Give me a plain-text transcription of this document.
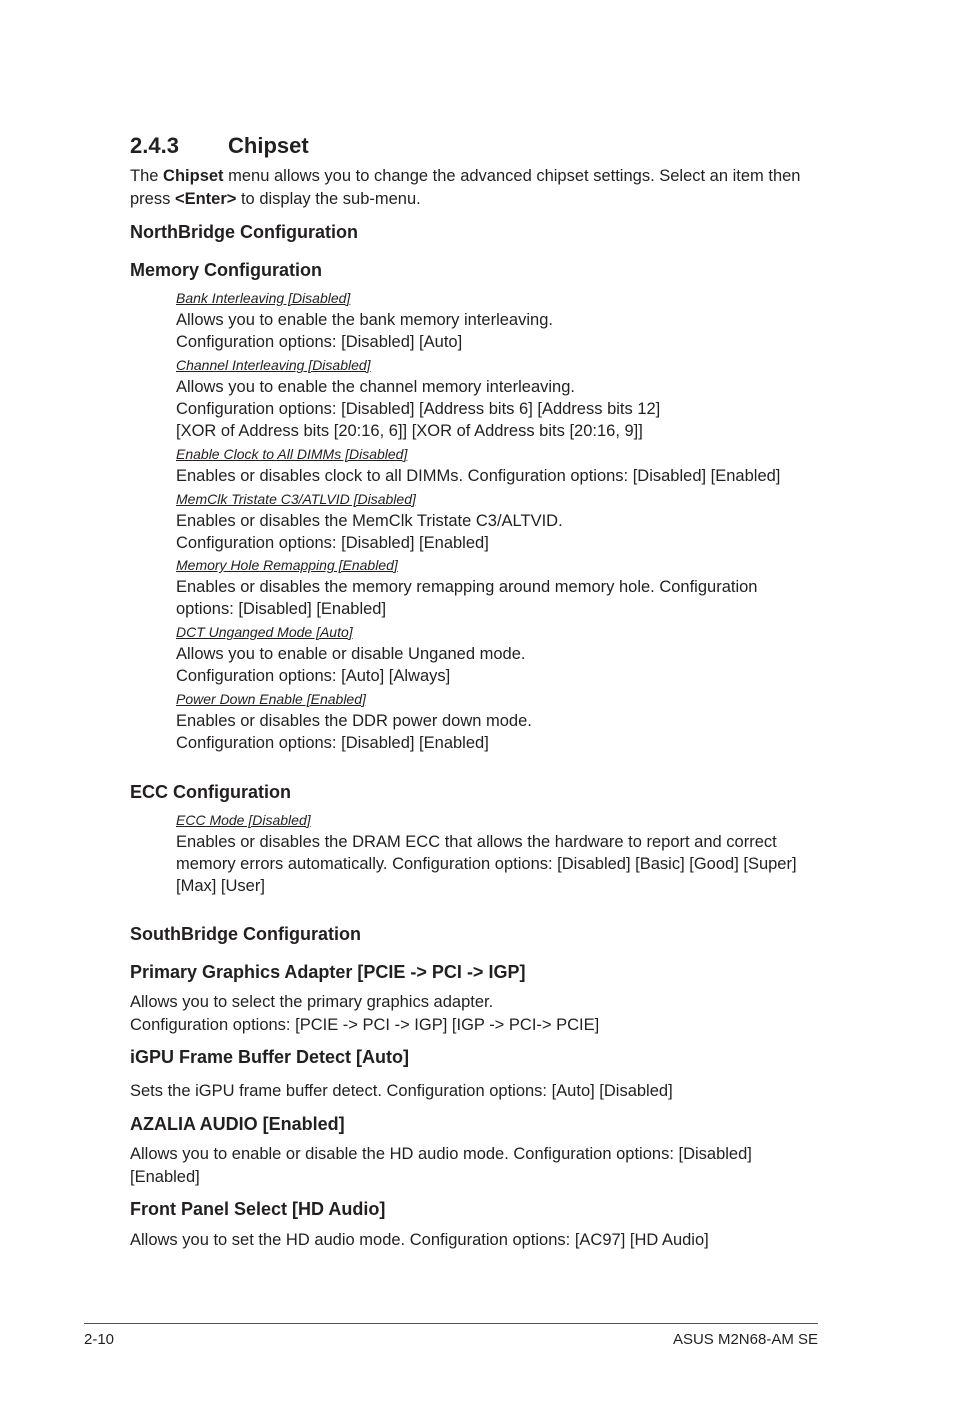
2.4.3 Chipset

The Chipset menu allows you to change the advanced chipset settings. Select an item then press <Enter> to display the sub-menu.

NorthBridge Configuration
Memory Configuration
Bank Interleaving [Disabled]
Allows you to enable the bank memory interleaving.
Configuration options: [Disabled] [Auto]
Channel Interleaving [Disabled]
Allows you to enable the channel memory interleaving.
Configuration options: [Disabled] [Address bits 6] [Address bits 12]
[XOR of Address bits [20:16, 6]] [XOR of Address bits [20:16, 9]]
Enable Clock to All DIMMs [Disabled]
Enables or disables clock to all DIMMs. Configuration options: [Disabled] [Enabled]
MemClk Tristate C3/ATLVID [Disabled]
Enables or disables the MemClk Tristate C3/ALTVID.
Configuration options: [Disabled] [Enabled]
Memory Hole Remapping [Enabled]
Enables or disables the memory remapping around memory hole. Configuration
options: [Disabled] [Enabled]
DCT Unganged Mode [Auto]
Allows you to enable or disable Unganed mode.
Configuration options: [Auto] [Always]
Power Down Enable [Enabled]
Enables or disables the DDR power down mode.
Configuration options: [Disabled] [Enabled]
ECC Configuration
ECC Mode [Disabled]
Enables or disables the DRAM ECC that allows the hardware to report and correct
memory errors automatically. Configuration options: [Disabled] [Basic] [Good] [Super]
[Max] [User]
SouthBridge Configuration
Primary Graphics Adapter [PCIE -> PCI -> IGP]
Allows you to select the primary graphics adapter.
Configuration options: [PCIE -> PCI -> IGP] [IGP -> PCI-> PCIE]
iGPU Frame Buffer Detect [Auto]
Sets the iGPU frame buffer detect. Configuration options: [Auto] [Disabled]
AZALIA AUDIO [Enabled]
Allows you to enable or disable the HD audio mode. Configuration options: [Disabled]
[Enabled]
Front Panel Select [HD Audio]
Allows you to set the HD audio mode. Configuration options: [AC97] [HD Audio]
2-10	ASUS M2N68-AM SE
